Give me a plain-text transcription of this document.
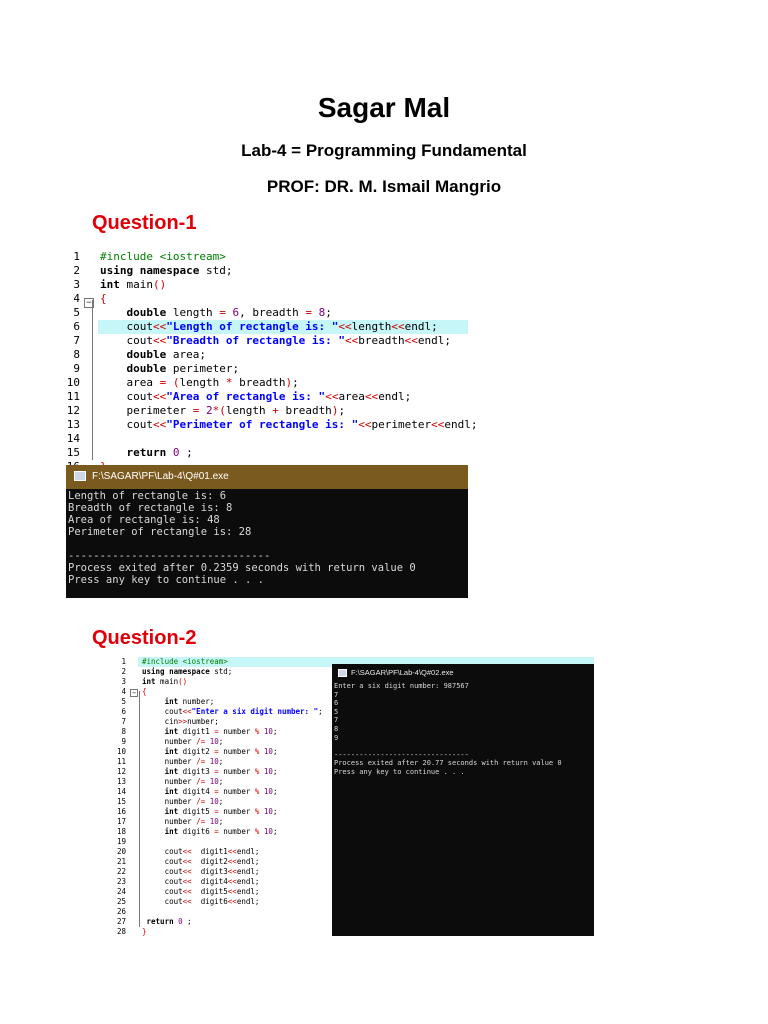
Sagar Mal
Lab-4 = Programming Fundamental
PROF: DR. M. Ismail Mangrio
Question-1
1 #include <iostream>
2 using namespace std;
3 int main()
4 − {
5	double length = 6, breadth = 8;
6 cout<<"Length of rectangle is: "<<length<<endl;
7 cout<<"Breadth of rectangle is: "<<breadth<<endl;
8	double area;
9	double perimeter;
10 area = (length * breadth);
11 cout<<"Area of rectangle is: "<<area<<endl;
12 perimeter = 2*(length + breadth);
13 cout<<"Perimeter of rectangle is: "<<perimeter<<endl;
14
15	return 0 ;
F:\SAGAR\PF\Lab-4\Q#01.exe
Length of rectangle is: 6
Breadth of rectangle is: 8
Area of rectangle is: 48
Perimeter of rectangle is: 28

--------------------------------
Process exited after 0.2359 seconds with return value 0
Press any key to continue . . .
Question-2
1 #include <iostream>
2 using namespace std;
3 int main()
4 − {
5	int number;
6 cout<<"Enter a six digit number: ";
7 cin>>number;
8	int digit1 = number % 10;
9 number /= 10;
10	int digit2 = number % 10;
11 number /= 10;
12	int digit3 = number % 10;
13 number /= 10;
14	int digit4 = number % 10;
15 number /= 10;
16	int digit5 = number % 10;
17 number /= 10;
18	int digit6 = number % 10;
19
20 cout<<  digit1<<endl;
21 cout<<  digit2<<endl;
22 cout<<  digit3<<endl;
23 cout<<  digit4<<endl;
24 cout<<  digit5<<endl;
25 cout<<  digit6<<endl;
26
27	return 0 ;
28 }
F:\SAGAR\PF\Lab-4\Q#02.exe
Enter a six digit number: 987567
7
6
5
7
8
9

--------------------------------
Process exited after 20.77 seconds with return value 0
Press any key to continue . . .
